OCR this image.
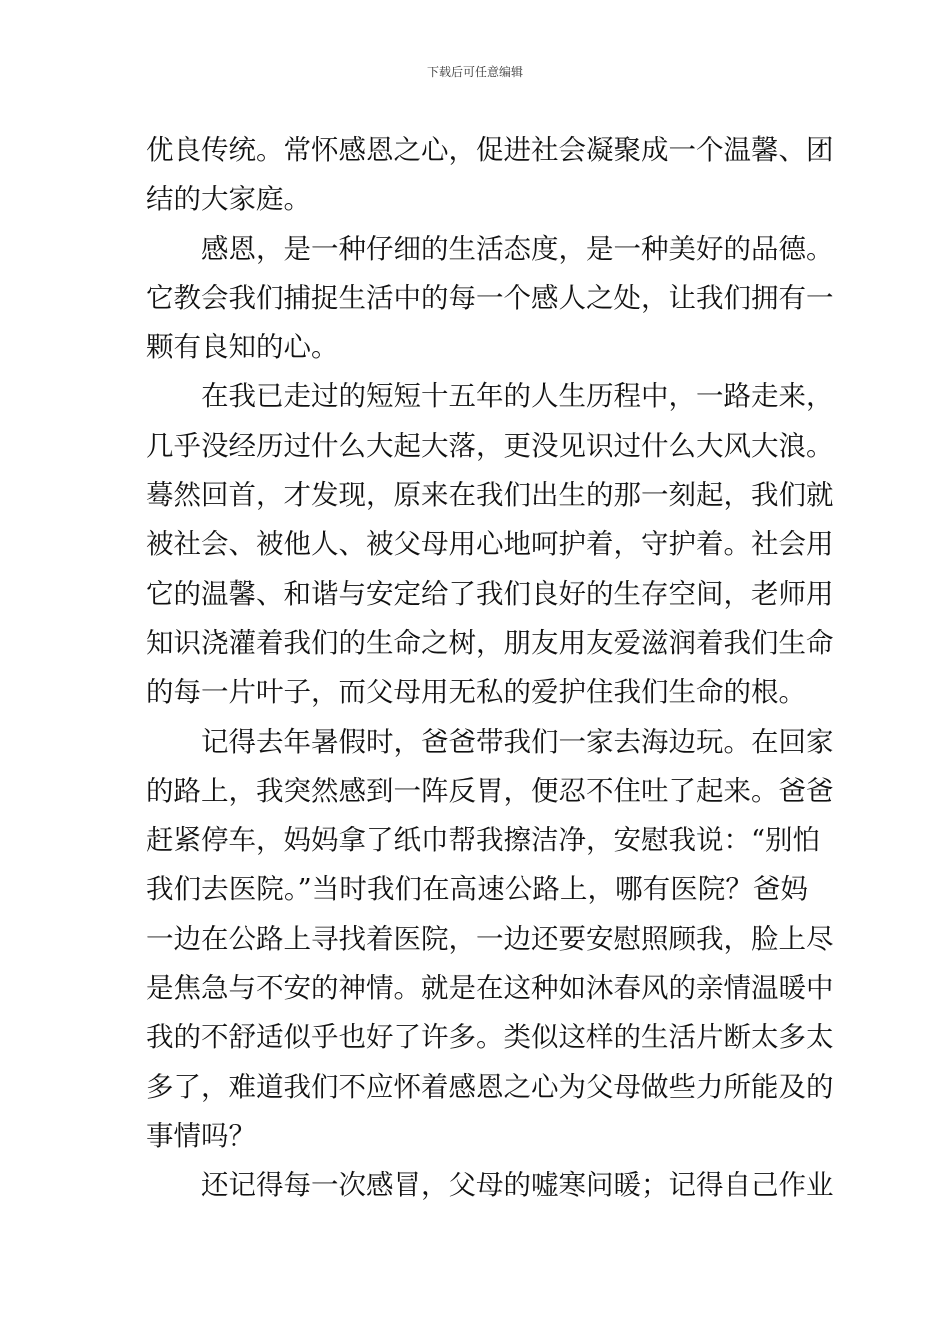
下载后可任意编辑
优良传统。常怀感恩之心，促进社会凝聚成一个温馨、团
结的大家庭。
感恩，是一种仔细的生活态度，是一种美好的品德。
它教会我们捕捉生活中的每一个感人之处，让我们拥有一
颗有良知的心。
在我已走过的短短十五年的人生历程中，一路走来，
几乎没经历过什么大起大落，更没见识过什么大风大浪。
蓦然回首，才发现，原来在我们出生的那一刻起，我们就
被社会、被他人、被父母用心地呵护着，守护着。社会用
它的温馨、和谐与安定给了我们良好的生存空间，老师用
知识浇灌着我们的生命之树，朋友用友爱滋润着我们生命
的每一片叶子，而父母用无私的爱护住我们生命的根。
记得去年暑假时，爸爸带我们一家去海边玩。在回家
的路上，我突然感到一阵反胃，便忍不住吐了起来。爸爸
赶紧停车，妈妈拿了纸巾帮我擦洁净，安慰我说：“别怕
我们去医院。”当时我们在高速公路上，哪有医院？爸妈
一边在公路上寻找着医院，一边还要安慰照顾我，脸上尽
是焦急与不安的神情。就是在这种如沐春风的亲情温暖中
我的不舒适似乎也好了许多。类似这样的生活片断太多太
多了，难道我们不应怀着感恩之心为父母做些力所能及的
事情吗？
还记得每一次感冒，父母的嘘寒问暖；记得自己作业
